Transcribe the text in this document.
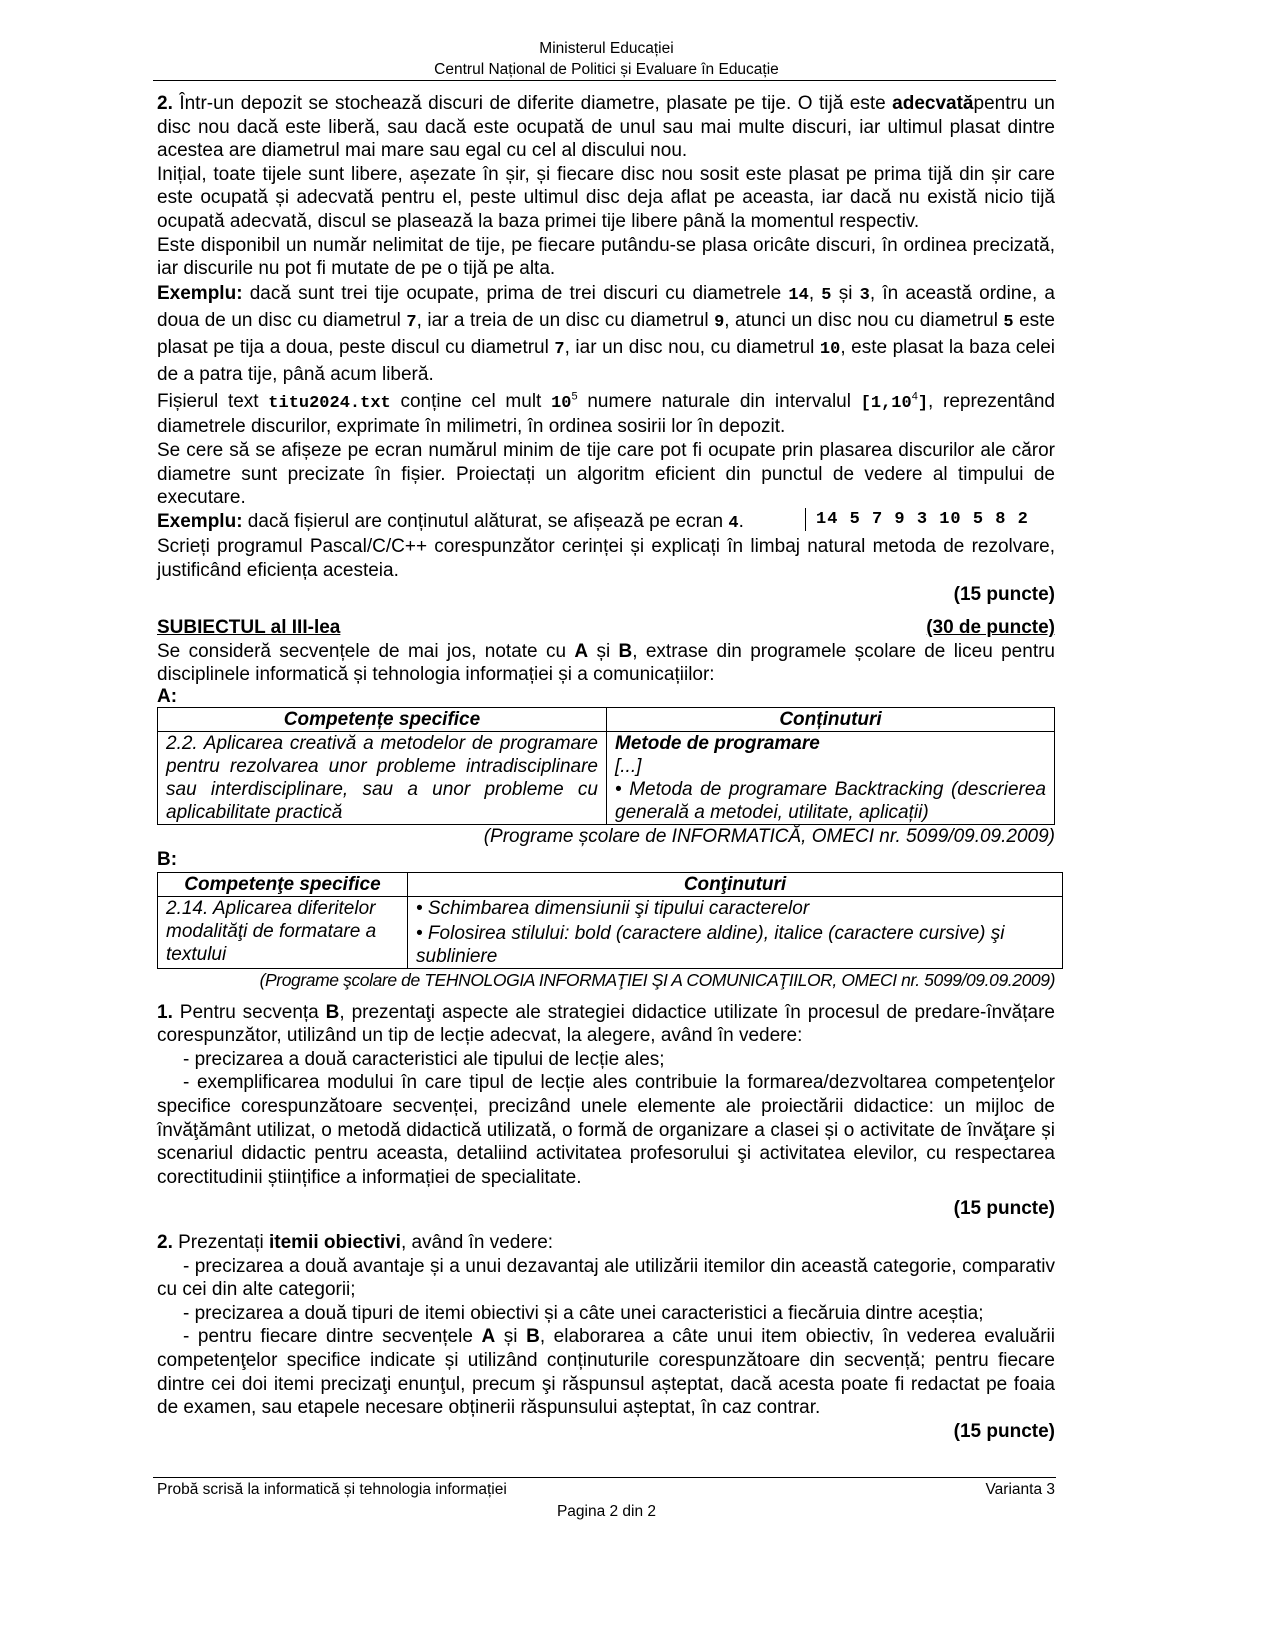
Ministerul Educației
Centrul Național de Politici și Evaluare în Educație

2. Într-un depozit se stochează discuri de diferite diametre, plasate pe tije. O tijă este adecvatăpentru un disc nou dacă este liberă, sau dacă este ocupată de unul sau mai multe discuri, iar ultimul plasat dintre acestea are diametrul mai mare sau egal cu cel al discului nou.

Inițial, toate tijele sunt libere, așezate în șir, și fiecare disc nou sosit este plasat pe prima tijă din șir care este ocupată și adecvată pentru el, peste ultimul disc deja aflat pe aceasta, iar dacă nu există nicio tijă ocupată adecvată, discul se plasează la baza primei tije libere până la momentul respectiv.

Este disponibil un număr nelimitat de tije, pe fiecare putându-se plasa oricâte discuri, în ordinea precizată, iar discurile nu pot fi mutate de pe o tijă pe alta.

Exemplu: dacă sunt trei tije ocupate, prima de trei discuri cu diametrele 14, 5 și 3, în această ordine, a doua de un disc cu diametrul 7, iar a treia de un disc cu diametrul 9, atunci un disc nou cu diametrul 5 este plasat pe tija a doua, peste discul cu diametrul 7, iar un disc nou, cu diametrul 10, este plasat la baza celei de a patra tije, până acum liberă.

Fișierul text titu2024.txt conține cel mult $10^5$ numere naturale din intervalul [1,10$^4$], reprezentând diametrele discurilor, exprimate în milimetri, în ordinea sosirii lor în depozit.

Se cere să se afișeze pe ecran numărul minim de tije care pot fi ocupate prin plasarea discurilor ale căror diametre sunt precizate în fișier. Proiectați un algoritm eficient din punctul de vedere al timpului de executare.

Exemplu: dacă fișierul are conținutul alăturat, se afișează pe ecran 4.	14 5 7 9 3 10 5 8 2

Scrieți programul Pascal/C/C++ corespunzător cerinței și explicați în limbaj natural metoda de rezolvare, justificând eficiența acesteia.

(15 puncte)
SUBIECTUL al III-lea	(30 de puncte)

Se consideră secvențele de mai jos, notate cu A și B, extrase din programele școlare de liceu pentru disciplinele informatică și tehnologia informației și a comunicațiilor:

A:
Competențe specifice	Conținuturi
2.2. Aplicarea creativă a metodelor de programare pentru rezolvarea unor probleme intradisciplinare sau interdisciplinare, sau a unor probleme cu aplicabilitate practică	Metode de programare
[...]
• Metoda de programare Backtracking (descrierea generală a metodei, utilitate, aplicații)
(Programe școlare de INFORMATICĂ, OMECI nr. 5099/09.09.2009)
B:
Competenţe specifice	Conţinuturi
2.14. Aplicarea diferitelor modalităţi de formatare a textului	• Schimbarea dimensiunii şi tipului caracterelor
• Folosirea stilului: bold (caractere aldine), italice (caractere cursive) şi subliniere
(Programe şcolare de TEHNOLOGIA INFORMAŢIEI ŞI A COMUNICAŢIILOR, OMECI nr. 5099/09.09.2009)

1. Pentru secvența B, prezentaţi aspecte ale strategiei didactice utilizate în procesul de predare-învățare corespunzător, utilizând un tip de lecție adecvat, la alegere, având în vedere:

- precizarea a două caracteristici ale tipului de lecție ales;

- exemplificarea modului în care tipul de lecție ales contribuie la formarea/dezvoltarea competenţelor specifice corespunzătoare secvenței, precizând unele elemente ale proiectării didactice: un mijloc de învăţământ utilizat, o metodă didactică utilizată, o formă de organizare a clasei și o activitate de învăţare și scenariul didactic pentru aceasta, detaliind activitatea profesorului şi activitatea elevilor, cu respectarea corectitudinii științifice a informației de specialitate.

(15 puncte)

2. Prezentați itemii obiectivi, având în vedere:

- precizarea a două avantaje și a unui dezavantaj ale utilizării itemilor din această categorie, comparativ cu cei din alte categorii;

- precizarea a două tipuri de itemi obiectivi și a câte unei caracteristici a fiecăruia dintre aceștia;

- pentru fiecare dintre secvențele A și B, elaborarea a câte unui item obiectiv, în vederea evaluării competenţelor specifice indicate și utilizând conținuturile corespunzătoare din secvență; pentru fiecare dintre cei doi itemi precizaţi enunţul, precum şi răspunsul așteptat, dacă acesta poate fi redactat pe foaia de examen, sau etapele necesare obținerii răspunsului așteptat, în caz contrar.

(15 puncte)
Probă scrisă la informatică și tehnologia informației	Varianta 3
Pagina 2 din 2
